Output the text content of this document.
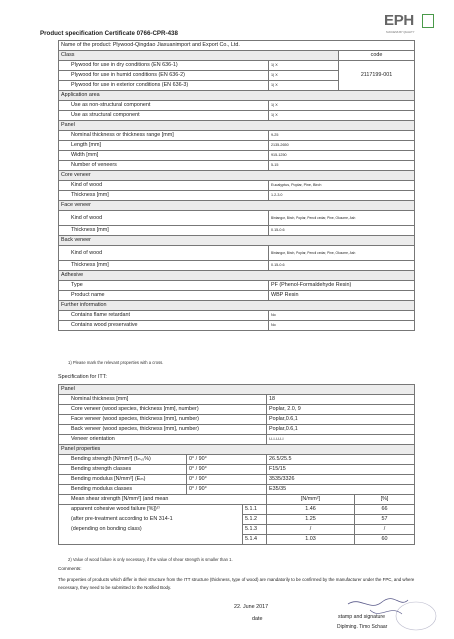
Product specification Certificate 0766-CPR-438
EPH
SUCCESS BY QUALITY
Name of the product: Plywood-Qingdao Jiaxuanimport and Export Co., Ltd.		
Class		code
Plywood for use in dry conditions (EN 636-1)	1) X	2117199-001
Plywood for use in humid conditions (EN 636-2)	1) X	
Plywood for use in exterior conditions (EN 636-3)	1) X	
Application area		
Use as non-structural component	1) X	
Use as structural component	1) X	
Panel		
Nominal thickness or thickness range [mm]	9-25	
Length [mm]	2135-2650	
Width [mm]	915-1250	
Number of veneers	5-15	
Core veneer		
Kind of wood	Eucalyptus, Poplar, Pine, Birch	
Thickness [mm]	1.2-3.0	
Face veneer		
Kind of wood	Bintangor, Birch, Poplar, Pencil cedar, Pine, Okoume, Ash	
Thickness [mm]	0.15-0.6	
Back veneer		
Kind of wood	Bintangor, Birch, Poplar, Pencil cedar, Pine, Okoume, Ash	
Thickness [mm]	0.15-0.6	
Adhesive		
Type	PF (Phenol-Formaldehyde Resin)	
Product name	WBP Resin	
Further information		
Contains flame retardant	No	
Contains wood preservative	No	
1) Please mark the relevant properties with a cross.
Specification for ITT:
Panel				
Nominal thickness [mm]			18	
Core veneer (wood species, thickness [mm], number)			Poplar, 2.0, 9	
Face veneer (wood species, thickness [mm], number)			Poplar,0.6,1	
Back veneer (wood species, thickness [mm], number)			Poplar,0.6,1	
Veneer orientation			I-I-I-I-I-I-I	
Panel properties				
Bending strength [N/mm²] (fₘ,₅%)	0° / 90°		26.5/25.5	
Bending strength classes	0° / 90°		F15/15	
Bending modulus [N/mm²] (Eₘ)	0° / 90°		3535/3326	
Bending modulus classes	0° / 90°		E35/35	
Mean shear strength [N/mm²] (and mean			[N/mm²]	[%]
apparent cohesive wood failure [%])²⁾		5.1.1	1.46	66
(after pre-treatment according to EN 314-1		5.1.2	1.25	57
(depending on bonding class)		5.1.3	/	/
		5.1.4	1.03	60
2) Value of wood failure is only necessary, if the value of shear strength is smaller than 1.
Comments:
The properties of products which differ in their structure from the ITT structure (thickness, type of wood) are mandatorily to be confirmed by the manufacturer under the FPC, and where necessary, they need to be submitted to the Notified Body.
22. June 2017
date	stamp and signature
Diplming. Timo Schaar
